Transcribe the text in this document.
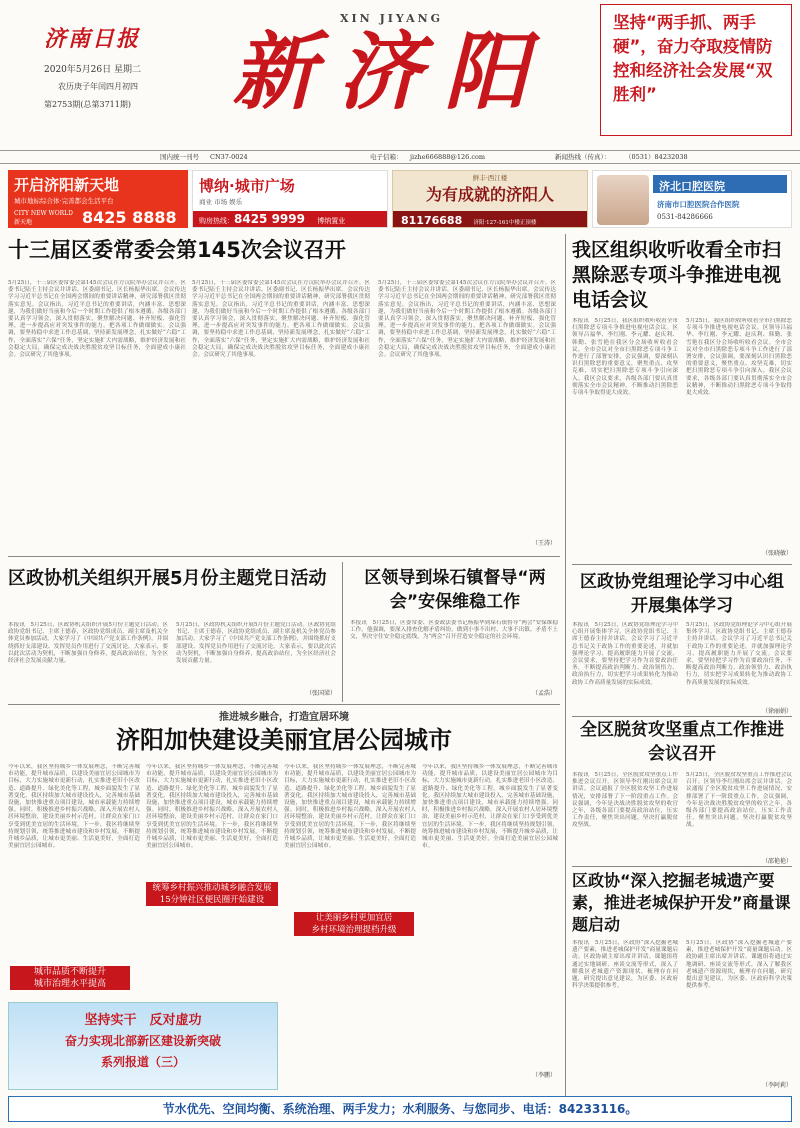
济南日报
2020年5月26日 星期二
农历庚子年闰四月初四
第2753期(总第3711期)
XIN JIYANG
新济阳	坚持“两手抓、两手硬”，奋力夺取疫情防控和经济社会发展“双胜利”
国内统一刊号 CN37-0024	电子信箱： jizhe666888@126.com	新闻热线（传真）： （0531）84232038
开启济阳新天地
城市地标综合体·完善都会生活平台
CITY NEW WORLD 新天地	8425 8888
博纳·城市广场
商业 市场 娱乐
购房热线：8425 9999 博纳置业
鲜丰·西江楼
为有成就的济阳人
81176688 济阳·127-161中楼正顶楼
济北口腔医院
济南市口腔医院合作医院
0531-84286666
十三届区委常委会第145次会议召开
5月25日，十三届区委常委会第145次会议在方汉院举办会议并召开。区委书记陆壬主持会议并讲话，区委副书记、区长杨振华出席。会议传达学习习近平总书记在全国两会期间的重要讲话精神，研究部署我区贯彻落实意见。会议指出，习近平总书记的重要讲话，内涵丰富、思想深邃，为我们做好当前和今后一个时期工作提供了根本遵循。各级各部门要认真学习领会，深入贯彻落实，聚焦解决问题、补齐短板、强化管理，进一步提高应对突发事件的能力，把各项工作做细做实。会议强调，要坚持稳中求进工作总基调，坚持新发展理念，扎实做好“六稳”工作，全面落实“六保”任务，坚定实施扩大内需战略，维护经济发展和社会稳定大局，确保完成决战决胜脱贫攻坚目标任务，全面建成小康社会。会议研究了其他事项。
5月25日，十三届区委常委会第145次会议在方汉院举办会议并召开。区委书记陆壬主持会议并讲话，区委副书记、区长杨振华出席。会议传达学习习近平总书记在全国两会期间的重要讲话精神，研究部署我区贯彻落实意见。会议指出，习近平总书记的重要讲话，内涵丰富、思想深邃，为我们做好当前和今后一个时期工作提供了根本遵循。各级各部门要认真学习领会，深入贯彻落实，聚焦解决问题、补齐短板、强化管理，进一步提高应对突发事件的能力，把各项工作做细做实。会议强调，要坚持稳中求进工作总基调，坚持新发展理念，扎实做好“六稳”工作，全面落实“六保”任务，坚定实施扩大内需战略，维护经济发展和社会稳定大局，确保完成决战决胜脱贫攻坚目标任务，全面建成小康社会。会议研究了其他事项。
5月25日，十三届区委常委会第145次会议在方汉院举办会议并召开。区委书记陆壬主持会议并讲话，区委副书记、区长杨振华出席。会议传达学习习近平总书记在全国两会期间的重要讲话精神，研究部署我区贯彻落实意见。会议指出，习近平总书记的重要讲话，内涵丰富、思想深邃，为我们做好当前和今后一个时期工作提供了根本遵循。各级各部门要认真学习领会，深入贯彻落实，聚焦解决问题、补齐短板、强化管理，进一步提高应对突发事件的能力，把各项工作做细做实。会议强调，要坚持稳中求进工作总基调，坚持新发展理念，扎实做好“六稳”工作，全面落实“六保”任务，坚定实施扩大内需战略，维护经济发展和社会稳定大局，确保完成决战决胜脱贫攻坚目标任务，全面建成小康社会。会议研究了其他事项。
（王涛）
我区组织收听收看全市扫黑除恶专项斗争推进电视电话会议
本报讯　5月25日，我区组织收听收看全市扫黑除恶专项斗争推进电视电话会议。区领导吕福华、李红刚、李元耀、赵庆利、韩勤、张雪艳在我区分会场收听收看会议。全市会议对全市扫黑除恶专项斗争工作进行了部署安排，会议强调，要深刻认识扫黑除恶的重要意义，聚焦重点、攻坚克难，切实把扫黑除恶专项斗争引向深入。我区会议要求，各级各部门要认真贯彻落实全市会议精神，不断推动扫黑除恶专项斗争取得更大成效。
5月25日，我区组织收听收看全市扫黑除恶专项斗争推进电视电话会议。区领导吕福华、李红刚、李元耀、赵庆利、韩勤、张雪艳在我区分会场收听收看会议。全市会议对全市扫黑除恶专项斗争工作进行了部署安排，会议强调，要深刻认识扫黑除恶的重要意义，聚焦重点、攻坚克难，切实把扫黑除恶专项斗争引向深入。我区会议要求，各级各部门要认真贯彻落实全市会议精神，不断推动扫黑除恶专项斗争取得更大成效。
（张晓敏）
区政协机关组织开展5月份主题党日活动
本报讯　5月25日，区政协机关组织开展5月份主题党日活动。区政协党组书记、主席王德春，区政协党组成员、副主席及机关全体党员参加活动。大家学习了《中国共产党支部工作条例》，并围绕抓好支部建设、发挥党员作用进行了交流讨论。大家表示，要以此次活动为契机，不断加强自身修养，提高政治站位，为全区经济社会发展贡献力量。
5月25日，区政协机关组织开展5月份主题党日活动。区政协党组书记、主席王德春，区政协党组成员、副主席及机关全体党员参加活动。大家学习了《中国共产党支部工作条例》，并围绕抓好支部建设、发挥党员作用进行了交流讨论。大家表示，要以此次活动为契机，不断加强自身修养，提高政治站位，为全区经济社会发展贡献力量。
（张国梁）
区领导到垛石镇督导“两会”安保维稳工作
本报讯　5月25日，区委常委、区委政法委书记杨振华到垛石镇督导“两会”安保维稳工作。他强调，要深入排查化解矛盾纠纷，做到小事不出村、大事不出镇、矛盾不上交，坚决守住安全稳定底线，为“两会”召开营造安全稳定的社会环境。
（孟浩）
区政协党组理论学习中心组开展集体学习
本报讯　5月25日，区政协党组理论学习中心组开展集体学习。区政协党组书记、主席王德春主持并讲话。会议学习了习近平总书记关于政协工作的重要论述，并就加强理论学习、提高履职能力开展了交流。会议要求，要坚持把学习作为首要政治任务，不断提高政治判断力、政治领悟力、政治执行力，切实把学习成果转化为推动政协工作高质量发展的实际成效。
5月25日，区政协党组理论学习中心组开展集体学习。区政协党组书记、主席王德春主持并讲话。会议学习了习近平总书记关于政协工作的重要论述，并就加强理论学习、提高履职能力开展了交流。会议要求，要坚持把学习作为首要政治任务，不断提高政治判断力、政治领悟力、政治执行力，切实把学习成果转化为推动政协工作高质量发展的实际成效。
（徐丽娟）
全区脱贫攻坚重点工作推进会议召开
本报讯　5月25日，全区脱贫攻坚重点工作推进会议召开。区领导李红刚出席会议并讲话。会议通报了全区脱贫攻坚工作进展情况，安排部署了下一阶段重点工作。会议强调，今年是决战决胜脱贫攻坚的收官之年，各级各部门要提高政治站位，压实工作责任，聚焦突出问题，坚决打赢脱贫攻坚战。
5月25日，全区脱贫攻坚重点工作推进会议召开。区领导李红刚出席会议并讲话。会议通报了全区脱贫攻坚工作进展情况，安排部署了下一阶段重点工作。会议强调，今年是决战决胜脱贫攻坚的收官之年，各级各部门要提高政治站位，压实工作责任，聚焦突出问题，坚决打赢脱贫攻坚战。
（邵艳艳）
区政协“深入挖掘老城遗产要素，推进老城保护开发”商量课题启动
本报讯　5月25日，区政协“深入挖掘老城遗产要素，推进老城保护开发”商量课题启动。区政协副主席出席并讲话。课题组将通过实地调研、座谈交流等形式，深入了解我区老城遗产资源现状，梳理存在问题，研究提出意见建议，为区委、区政府科学决策提供参考。
5月25日，区政协“深入挖掘老城遗产要素，推进老城保护开发”商量课题启动。区政协副主席出席并讲话。课题组将通过实地调研、座谈交流等形式，深入了解我区老城遗产资源现状，梳理存在问题，研究提出意见建议，为区委、区政府科学决策提供参考。
（李阿莉）
推进城乡融合，打造宜居环境
济阳加快建设美丽宜居公园城市
今年以来，我区坚持城乡一体发展理念，不断完善城市功能，提升城市品质，以建设美丽宜居公园城市为目标，大力实施城市更新行动，扎实推进老旧小区改造、道路提升、绿化美化等工程，城乡面貌发生了显著变化。我区持续加大城市建设投入，完善城市基础设施，加快推进重点项目建设，城市承载能力持续增强。同时，积极推进乡村振兴战略，深入开展农村人居环境整治，建设美丽乡村示范村，让群众在家门口享受到优美宜居的生活环境。下一步，我区将继续坚持规划引领，统筹推进城市建设和乡村发展，不断提升城乡品质，让城市更美丽、生活更美好，全面打造美丽宜居公园城市。
今年以来，我区坚持城乡一体发展理念，不断完善城市功能，提升城市品质，以建设美丽宜居公园城市为目标，大力实施城市更新行动，扎实推进老旧小区改造、道路提升、绿化美化等工程，城乡面貌发生了显著变化。我区持续加大城市建设投入，完善城市基础设施，加快推进重点项目建设，城市承载能力持续增强。同时，积极推进乡村振兴战略，深入开展农村人居环境整治，建设美丽乡村示范村，让群众在家门口享受到优美宜居的生活环境。下一步，我区将继续坚持规划引领，统筹推进城市建设和乡村发展，不断提升城乡品质，让城市更美丽、生活更美好，全面打造美丽宜居公园城市。
今年以来，我区坚持城乡一体发展理念，不断完善城市功能，提升城市品质，以建设美丽宜居公园城市为目标，大力实施城市更新行动，扎实推进老旧小区改造、道路提升、绿化美化等工程，城乡面貌发生了显著变化。我区持续加大城市建设投入，完善城市基础设施，加快推进重点项目建设，城市承载能力持续增强。同时，积极推进乡村振兴战略，深入开展农村人居环境整治，建设美丽乡村示范村，让群众在家门口享受到优美宜居的生活环境。下一步，我区将继续坚持规划引领，统筹推进城市建设和乡村发展，不断提升城乡品质，让城市更美丽、生活更美好，全面打造美丽宜居公园城市。
今年以来，我区坚持城乡一体发展理念，不断完善城市功能，提升城市品质，以建设美丽宜居公园城市为目标，大力实施城市更新行动，扎实推进老旧小区改造、道路提升、绿化美化等工程，城乡面貌发生了显著变化。我区持续加大城市建设投入，完善城市基础设施，加快推进重点项目建设，城市承载能力持续增强。同时，积极推进乡村振兴战略，深入开展农村人居环境整治，建设美丽乡村示范村，让群众在家门口享受到优美宜居的生活环境。下一步，我区将继续坚持规划引领，统筹推进城市建设和乡村发展，不断提升城乡品质，让城市更美丽、生活更美好，全面打造美丽宜居公园城市。
（李鹏）
城市品质不断提升
城市治理水平提高
统筹乡村振兴推动城乡融合发展
15分钟社区便民圈开始建设
让美丽乡村更加宜居
乡村环境治理提档升级
坚持实干　反对虚功
奋力实现北部新区建设新突破
系列报道（三）
节水优先、空间均衡、系统治理、两手发力；水利服务、与您同步、电话：84233116。
